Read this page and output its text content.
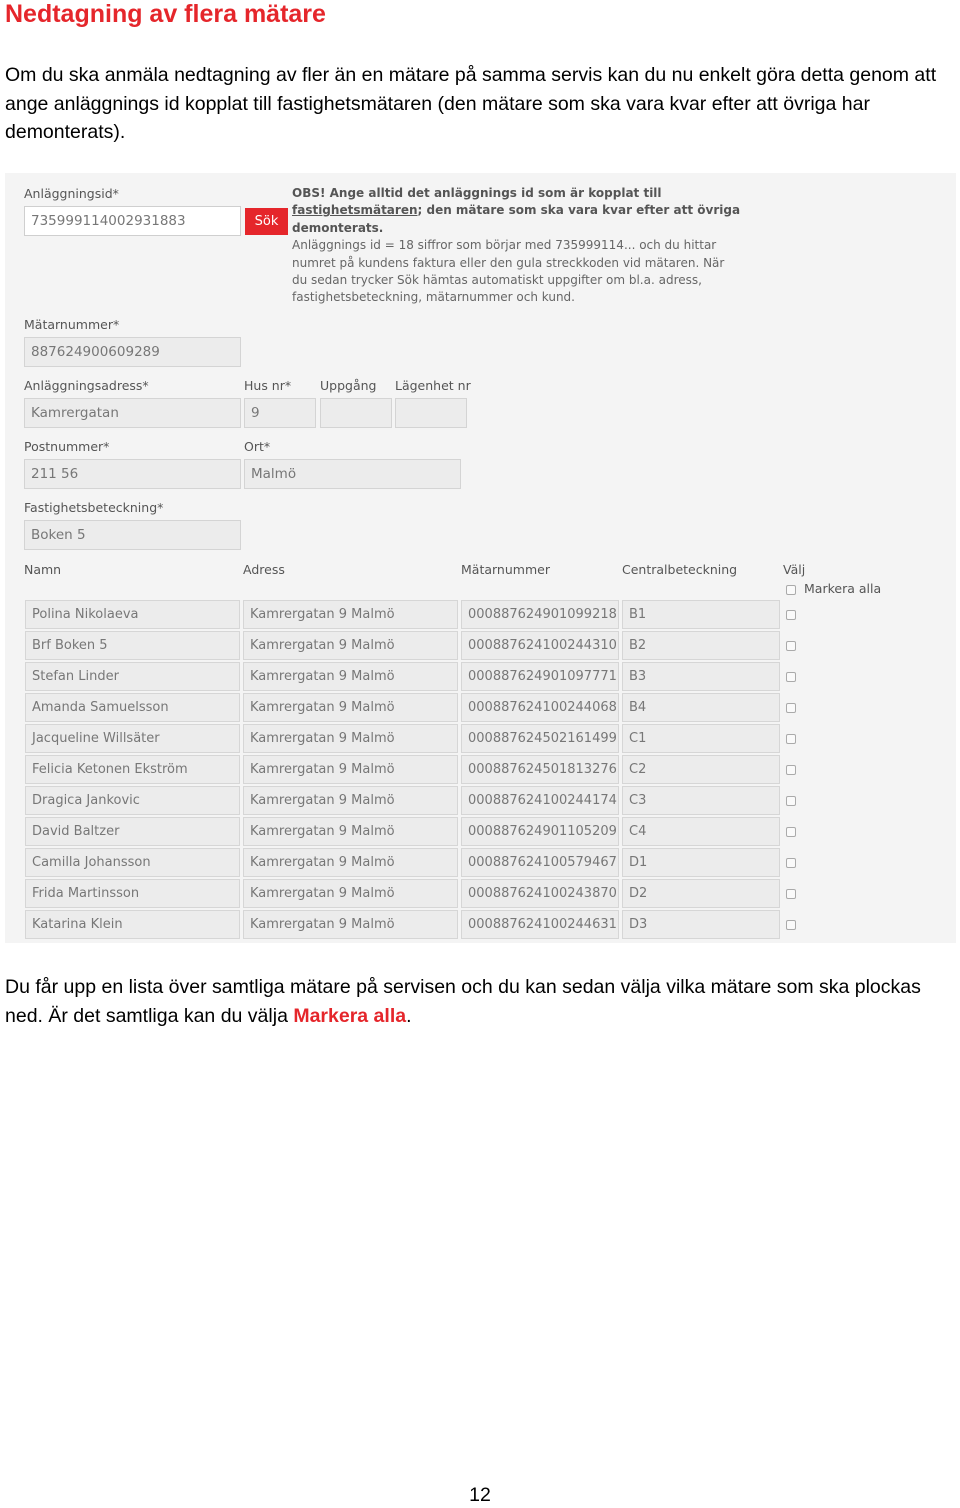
Nedtagning av flera mätare
Om du ska anmäla nedtagning av fler än en mätare på samma servis kan du nu enkelt göra detta genom att ange anläggnings id kopplat till fastighetsmätaren (den mätare som ska vara kvar efter att övriga har demonterats).
Anläggningsid*
735999114002931883	Sök
OBS! Ange alltid det anläggnings id som är kopplat till fastighetsmätaren; den mätare som ska vara kvar efter att övriga demonterats.
Anläggnings id = 18 siffror som börjar med 735999114... och du hittar numret på kundens faktura eller den gula streckkoden vid mätaren. När du sedan trycker Sök hämtas automatiskt uppgifter om bl.a. adress, fastighetsbeteckning, mätarnummer och kund.
Mätarnummer*
887624900609289
Anläggningsadress*
Kamrergatan
Hus nr*
9
Uppgång Lägenhet nr
Postnummer*
211 56
Ort*
Malmö
Fastighetsbeteckning*
Boken 5
Namn	Adress	Mätarnummer	Centralbeteckning	Välj
Markera alla
Polina Nikolaeva	Kamrergatan 9 Malmö	000887624901099218 B1
Brf Boken 5	Kamrergatan 9 Malmö	000887624100244310 B2
Stefan Linder	Kamrergatan 9 Malmö	000887624901097771 B3
Amanda Samuelsson	Kamrergatan 9 Malmö	000887624100244068 B4
Jacqueline Willsäter	Kamrergatan 9 Malmö	000887624502161499 C1
Felicia Ketonen Ekström	Kamrergatan 9 Malmö	000887624501813276 C2
Dragica Jankovic	Kamrergatan 9 Malmö	000887624100244174 C3
David Baltzer	Kamrergatan 9 Malmö	000887624901105209 C4
Camilla Johansson	Kamrergatan 9 Malmö	000887624100579467 D1
Frida Martinsson	Kamrergatan 9 Malmö	000887624100243870 D2
Katarina Klein	Kamrergatan 9 Malmö	000887624100244631 D3
Du får upp en lista över samtliga mätare på servisen och du kan sedan välja vilka mätare som ska plockas ned. Är det samtliga kan du välja Markera alla.
12
